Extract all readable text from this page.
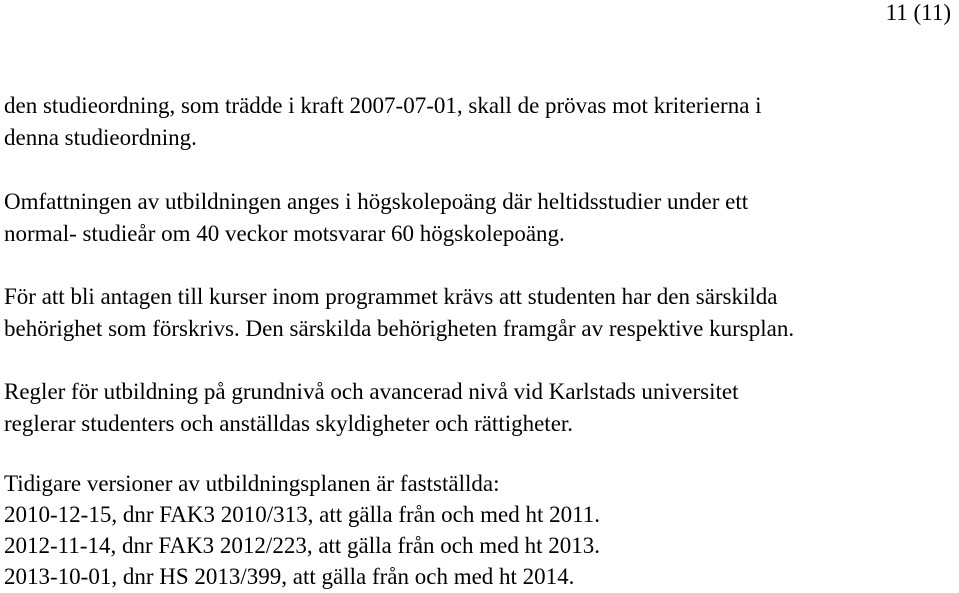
11 (11)
den studieordning, som trädde i kraft 2007-07-01, skall de prövas mot kriterierna i
denna studieordning.
Omfattningen av utbildningen anges i högskolepoäng där heltidsstudier under ett
normal- studieår om 40 veckor motsvarar 60 högskolepoäng.
För att bli antagen till kurser inom programmet krävs att studenten har den särskilda
behörighet som förskrivs. Den särskilda behörigheten framgår av respektive kursplan.
Regler för utbildning på grundnivå och avancerad nivå vid Karlstads universitet
reglerar studenters och anställdas skyldigheter och rättigheter.
Tidigare versioner av utbildningsplanen är fastställda:
2010-12-15, dnr FAK3 2010/313, att gälla från och med ht 2011.
2012-11-14, dnr FAK3 2012/223, att gälla från och med ht 2013.
2013-10-01, dnr HS 2013/399, att gälla från och med ht 2014.
